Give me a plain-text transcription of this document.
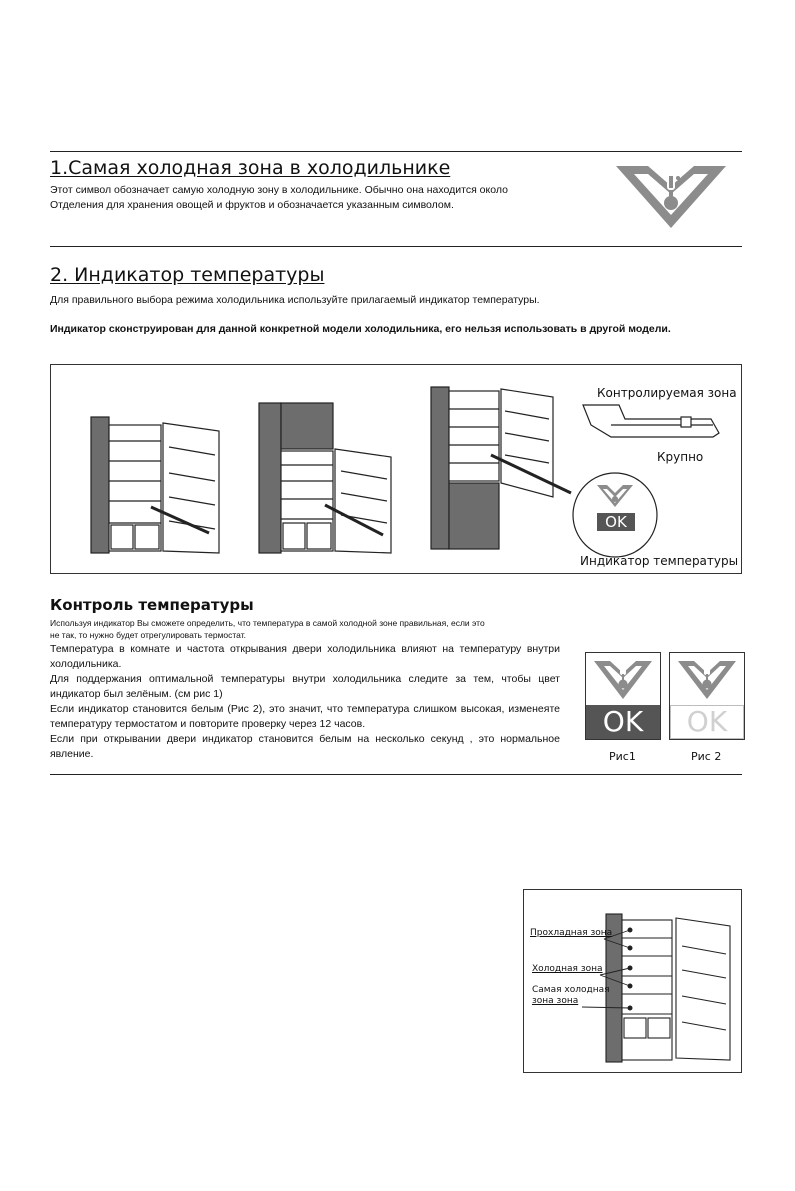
1.Самая холодная зона в холодильнике
Этот символ обозначает самую холодную зону в холодильнике. Обычно она находится около
Отделения для хранения овощей и фруктов и обозначается указанным символом.
2. Индикатор температуры
Для правильного выбора режима холодильника используйте прилагаемый индикатор температуры.
Индикатор сконструирован для данной конкретной модели холодильника, его нельзя использовать в другой модели.
Контролируемая зона
Крупно
OK
Индикатор температуры
Контроль температуры
Используя индикатор Вы сможете определить, что температура в самой холодной зоне правильная, если это
не так, то нужно будет отрегулировать термостат.
Температура в комнате и частота открывания двери холодильника влияют на температуру внутри холодильника.
Для поддержания оптимальной температуры внутри холодильника следите за тем, чтобы цвет индикатор был зелёным. (см рис 1)
Если индикатор становится белым (Рис 2), это значит, что температура слишком высокая, изменеяте температуру термостатом и повторите проверку через 12 часов.
Если при открывании двери индикатор становится белым на несколько секунд , это нормальное явление.
OK
Рис1
OK
Рис 2
Прохладная зона
Холодная зона
Самая холодная
зона зона
